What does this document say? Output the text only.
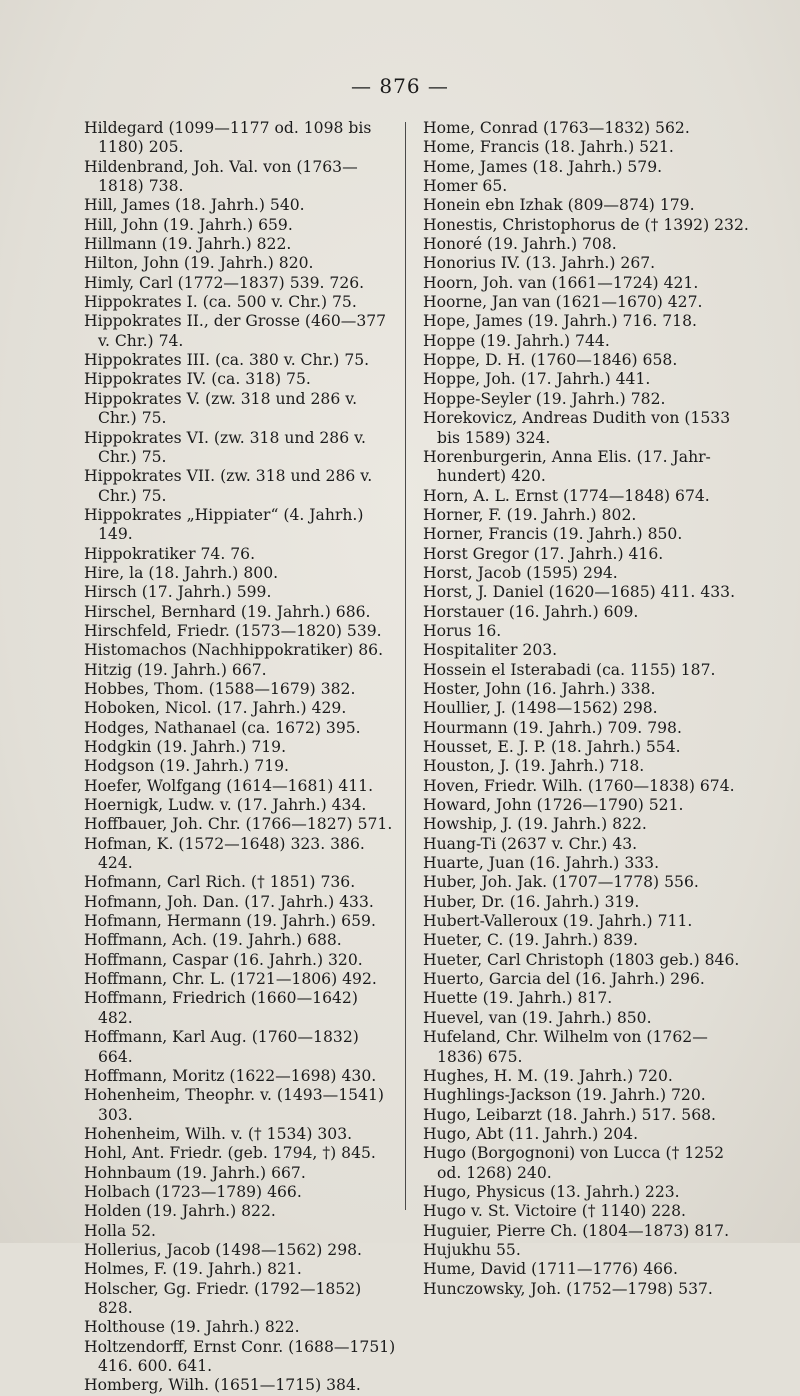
— 876 —
Hildegard (1099—1177 od. 1098 bis
1180) 205.
Hildenbrand, Joh. Val. von (1763—
1818) 738.
Hill, James (18. Jahrh.) 540.
Hill, John (19. Jahrh.) 659.
Hillmann (19. Jahrh.) 822.
Hilton, John (19. Jahrh.) 820.
Himly, Carl (1772—1837) 539. 726.
Hippokrates I. (ca. 500 v. Chr.) 75.
Hippokrates II., der Grosse (460—377
v. Chr.) 74.
Hippokrates III. (ca. 380 v. Chr.) 75.
Hippokrates IV. (ca. 318) 75.
Hippokrates V. (zw. 318 und 286 v.
Chr.) 75.
Hippokrates VI. (zw. 318 und 286 v.
Chr.) 75.
Hippokrates VII. (zw. 318 und 286 v.
Chr.) 75.
Hippokrates „Hippiater“ (4. Jahrh.) 149.
Hippokratiker 74. 76.
Hire, la (18. Jahrh.) 800.
Hirsch (17. Jahrh.) 599.
Hirschel, Bernhard (19. Jahrh.) 686.
Hirschfeld, Friedr. (1573—1820) 539.
Histomachos (Nachhippokratiker) 86.
Hitzig (19. Jahrh.) 667.
Hobbes, Thom. (1588—1679) 382.
Hoboken, Nicol. (17. Jahrh.) 429.
Hodges, Nathanael (ca. 1672) 395.
Hodgkin (19. Jahrh.) 719.
Hodgson (19. Jahrh.) 719.
Hoefer, Wolfgang (1614—1681) 411.
Hoernigk, Ludw. v. (17. Jahrh.) 434.
Hoffbauer, Joh. Chr. (1766—1827) 571.
Hofman, K. (1572—1648) 323. 386. 424.
Hofmann, Carl Rich. († 1851) 736.
Hofmann, Joh. Dan. (17. Jahrh.) 433.
Hofmann, Hermann (19. Jahrh.) 659.
Hoffmann, Ach. (19. Jahrh.) 688.
Hoffmann, Caspar (16. Jahrh.) 320.
Hoffmann, Chr. L. (1721—1806) 492.
Hoffmann, Friedrich (1660—1642) 482.
Hoffmann, Karl Aug. (1760—1832) 664.
Hoffmann, Moritz (1622—1698) 430.
Hohenheim, Theophr. v. (1493—1541)
303.
Hohenheim, Wilh. v. († 1534) 303.
Hohl, Ant. Friedr. (geb. 1794, †) 845.
Hohnbaum (19. Jahrh.) 667.
Holbach (1723—1789) 466.
Holden (19. Jahrh.) 822.
Holla 52.
Hollerius, Jacob (1498—1562) 298.
Holmes, F. (19. Jahrh.) 821.
Holscher, Gg. Friedr. (1792—1852) 828.
Holthouse (19. Jahrh.) 822.
Holtzendorff, Ernst Conr. (1688—1751)
416. 600. 641.
Homberg, Wilh. (1651—1715) 384.
Home, Conrad (1763—1832) 562.
Home, Francis (18. Jahrh.) 521.
Home, James (18. Jahrh.) 579.
Homer 65.
Honein ebn Izhak (809—874) 179.
Honestis, Christophorus de († 1392) 232.
Honoré (19. Jahrh.) 708.
Honorius IV. (13. Jahrh.) 267.
Hoorn, Joh. van (1661—1724) 421.
Hoorne, Jan van (1621—1670) 427.
Hope, James (19. Jahrh.) 716. 718.
Hoppe (19. Jahrh.) 744.
Hoppe, D. H. (1760—1846) 658.
Hoppe, Joh. (17. Jahrh.) 441.
Hoppe-Seyler (19. Jahrh.) 782.
Horekovicz, Andreas Dudith von (1533
bis 1589) 324.
Horenburgerin, Anna Elis. (17. Jahr-
hundert) 420.
Horn, A. L. Ernst (1774—1848) 674.
Horner, F. (19. Jahrh.) 802.
Horner, Francis (19. Jahrh.) 850.
Horst Gregor (17. Jahrh.) 416.
Horst, Jacob (1595) 294.
Horst, J. Daniel (1620—1685) 411. 433.
Horstauer (16. Jahrh.) 609.
Horus 16.
Hospitaliter 203.
Hossein el Isterabadi (ca. 1155) 187.
Hoster, John (16. Jahrh.) 338.
Houllier, J. (1498—1562) 298.
Hourmann (19. Jahrh.) 709. 798.
Housset, E. J. P. (18. Jahrh.) 554.
Houston, J. (19. Jahrh.) 718.
Hoven, Friedr. Wilh. (1760—1838) 674.
Howard, John (1726—1790) 521.
Howship, J. (19. Jahrh.) 822.
Huang-Ti (2637 v. Chr.) 43.
Huarte, Juan (16. Jahrh.) 333.
Huber, Joh. Jak. (1707—1778) 556.
Huber, Dr. (16. Jahrh.) 319.
Hubert-Valleroux (19. Jahrh.) 711.
Hueter, C. (19. Jahrh.) 839.
Hueter, Carl Christoph (1803 geb.) 846.
Huerto, Garcia del (16. Jahrh.) 296.
Huette (19. Jahrh.) 817.
Huevel, van (19. Jahrh.) 850.
Hufeland, Chr. Wilhelm von (1762—
1836) 675.
Hughes, H. M. (19. Jahrh.) 720.
Hughlings-Jackson (19. Jahrh.) 720.
Hugo, Leibarzt (18. Jahrh.) 517. 568.
Hugo, Abt (11. Jahrh.) 204.
Hugo (Borgognoni) von Lucca († 1252
od. 1268) 240.
Hugo, Physicus (13. Jahrh.) 223.
Hugo v. St. Victoire († 1140) 228.
Huguier, Pierre Ch. (1804—1873) 817.
Hujukhu 55.
Hume, David (1711—1776) 466.
Hunczowsky, Joh. (1752—1798) 537.
